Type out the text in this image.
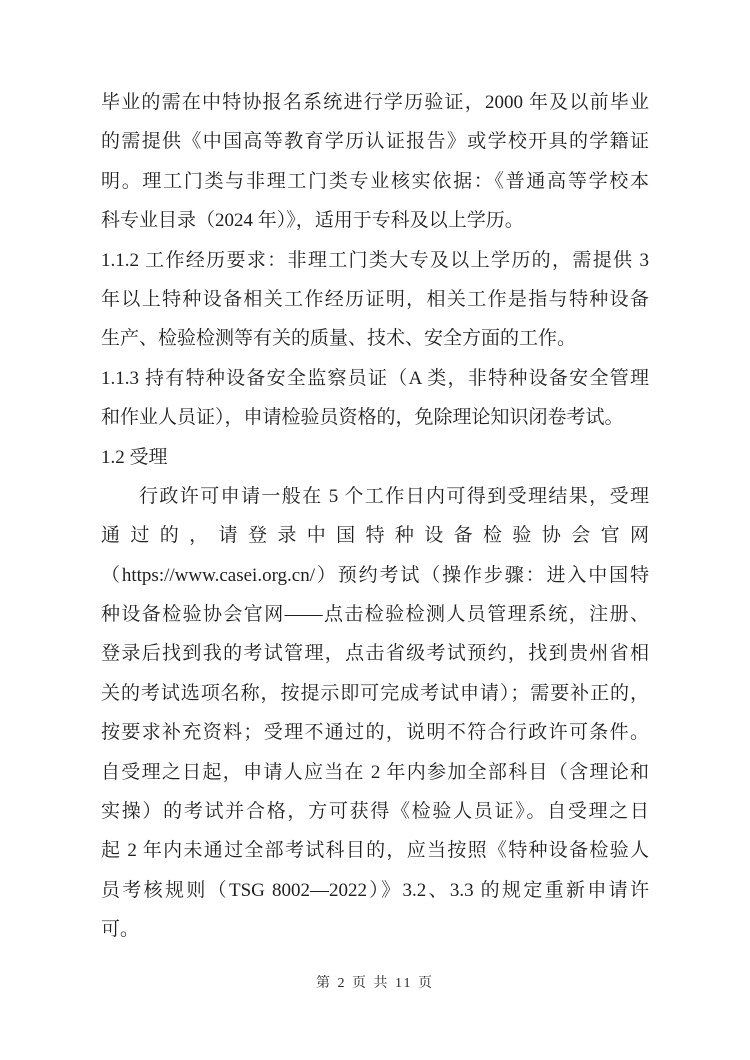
毕业的需在中特协报名系统进行学历验证，2000 年及以前毕业
的需提供《中国高等教育学历认证报告》或学校开具的学籍证
明。理工门类与非理工门类专业核实依据：《普通高等学校本
科专业目录（2024 年）》，适用于专科及以上学历。
1.1.2 工作经历要求：非理工门类大专及以上学历的，需提供 3
年以上特种设备相关工作经历证明，相关工作是指与特种设备
生产、检验检测等有关的质量、技术、安全方面的工作。
1.1.3 持有特种设备安全监察员证（A 类，非特种设备安全管理
和作业人员证），申请检验员资格的，免除理论知识闭卷考试。
1.2 受理
行政许可申请一般在 5 个工作日内可得到受理结果，受理
通过的，请登录中国特种设备检验协会官网
（https://www.casei.org.cn/）预约考试（操作步骤：进入中国特
种设备检验协会官网——点击检验检测人员管理系统，注册、
登录后找到我的考试管理，点击省级考试预约，找到贵州省相
关的考试选项名称，按提示即可完成考试申请）；需要补正的，
按要求补充资料；受理不通过的，说明不符合行政许可条件。
自受理之日起，申请人应当在 2 年内参加全部科目（含理论和
实操）的考试并合格，方可获得《检验人员证》。自受理之日
起 2 年内未通过全部考试科目的，应当按照《特种设备检验人
员考核规则（TSG 8002—2022）》3.2、3.3 的规定重新申请许
可。
第 2 页 共 11 页
